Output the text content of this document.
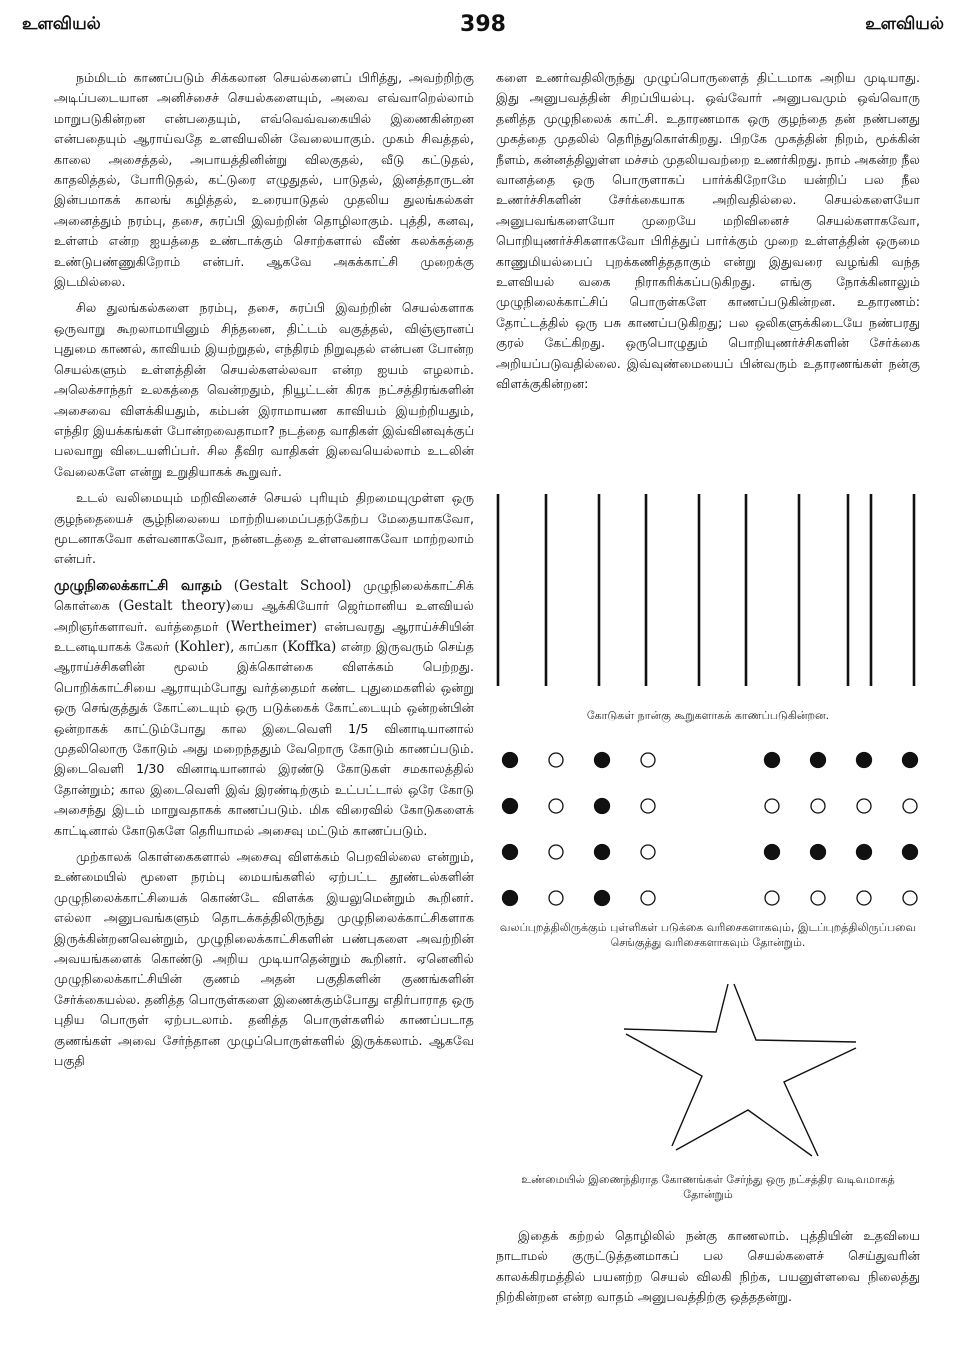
உளவியல்	398	உளவியல்

நம்மிடம் காணப்படும் சிக்கலான செயல்களைப் பிரித்து, அவற்றிற்கு அடிப்படையான அனிச்சைச் செயல்களையும், அவை எவ்வாறெல்லாம் மாறுபடுகின்றன என்பதையும், எவ்வெவ்வகையில் இணைகின்றன என்பதையும் ஆராய்வதே உளவியலின் வேலையாகும். முகம் சிவத்தல், காலை அசைத்தல், அபாயத்தினின்று விலகுதல், வீடு கட்டுதல், காதலித்தல், போரிடுதல், கட்டுரை எழுதுதல், பாடுதல், இனத்தாருடன் இன்பமாகக் காலங் கழித்தல், உரையாடுதல் முதலிய துலங்கல்கள் அனைத்தும் நரம்பு, தசை, சுரப்பி இவற்றின் தொழிலாகும். புத்தி, கனவு, உள்ளம் என்ற ஐயத்தை உண்டாக்கும் சொற்களால் வீண் கலக்கத்தை உண்டுபண்ணுகிறோம் என்பர். ஆகவே அகக்காட்சி முறைக்கு இடமில்லை.

சில துலங்கல்களை நரம்பு, தசை, சுரப்பி இவற்றின் செயல்களாக ஒருவாறு கூறலாமாயினும் சிந்தனை, திட்டம் வகுத்தல், விஞ்ஞானப் புதுமை காணல், காவியம் இயற்றுதல், எந்திரம் நிறுவுதல் என்பன போன்ற செயல்களும் உள்ளத்தின் செயல்களல்லவா என்ற ஐயம் எழலாம். அலெக்சாந்தர் உலகத்தை வென்றதும், நியூட்டன் கிரக நட்சத்திரங்களின் அசைவை விளக்கியதும், கம்பன் இராமாயண காவியம் இயற்றியதும், எந்திர இயக்கங்கள் போன்றவைதாமா? நடத்தை வாதிகள் இவ்வினவுக்குப் பலவாறு விடையளிப்பர். சில தீவிர வாதிகள் இவையெல்லாம் உடலின் வேலைகளே என்று உறுதியாகக் கூறுவர்.

உடல் வலிமையும் மறிவினைச் செயல் புரியும் திறமையுமுள்ள ஒரு குழந்தையைச் சூழ்நிலையை மாற்றியமைப்பதற்கேற்ப மேதையாகவோ, மூடனாகவோ கள்வனாகவோ, நன்னடத்தை உள்ளவனாகவோ மாற்றலாம் என்பர்.

முழுநிலைக்காட்சி வாதம் (Gestalt School) முழுநிலைக்காட்சிக் கொள்கை (Gestalt theory)யை ஆக்கியோர் ஜெர்மானிய உளவியல் அறிஞர்களாவர். வர்த்தைமர் (Wertheimer) என்பவரது ஆராய்ச்சியின் உடனடியாகக் கேலர் (Kohler), காப்கா (Koffka) என்ற இருவரும் செய்த ஆராய்ச்சிகளின் மூலம் இக்கொள்கை விளக்கம் பெற்றது. பொறிக்காட்சியை ஆராயும்போது வர்த்தைமர் கண்ட புதுமைகளில் ஒன்று ஒரு செங்குத்துக் கோட்டையும் ஒரு படுக்கைக் கோட்டையும் ஒன்றன்பின் ஒன்றாகக் காட்டும்போது கால இடைவெளி 1/5 வினாடியானால் முதலிலொரு கோடும் அது மறைந்ததும் வேறொரு கோடும் காணப்படும். இடைவெளி 1/30 வினாடியானால் இரண்டு கோடுகள் சமகாலத்தில் தோன்றும்; கால இடைவெளி இவ் இரண்டிற்கும் உட்பட்டால் ஒரே கோடு அசைந்து இடம் மாறுவதாகக் காணப்படும். மிக விரைவில் கோடுகளைக் காட்டினால் கோடுகளே தெரியாமல் அசைவு மட்டும் காணப்படும்.

முற்காலக் கொள்கைகளால் அசைவு விளக்கம் பெறவில்லை என்றும், உண்மையில் மூளை நரம்பு மையங்களில் ஏற்பட்ட தூண்டல்களின் முழுநிலைக்காட்சியைக் கொண்டே விளக்க இயலுமென்றும் கூறினர். எல்லா அனுபவங்களும் தொடக்கத்திலிருந்து முழுநிலைக்காட்சிகளாக இருக்கின்றனவென்றும், முழுநிலைக்காட்சிகளின் பண்புகளை அவற்றின் அவயங்களைக் கொண்டு அறிய முடியாதென்றும் கூறினர். ஏனெனில் முழுநிலைக்காட்சியின் குணம் அதன் பகுதிகளின் குணங்களின் சேர்க்கையல்ல. தனித்த பொருள்களை இணைக்கும்போது எதிர்பாராத ஒரு புதிய பொருள் ஏற்படலாம். தனித்த பொருள்களில் காணப்படாத குணங்கள் அவை சேர்ந்தான முழுப்பொருள்களில் இருக்கலாம். ஆகவே பகுதி

களை உணர்வதிலிருந்து முழுப்பொருளைத் திட்டமாக அறிய முடியாது. இது அனுபவத்தின் சிறப்பியல்பு. ஒவ்வோர் அனுபவமும் ஒவ்வொரு தனித்த முழுநிலைக் காட்சி. உதாரணமாக ஒரு குழந்தை தன் நண்பனது முகத்தை முதலில் தெரிந்துகொள்கிறது. பிறகே முகத்தின் நிறம், மூக்கின் நீளம், கன்னத்திலுள்ள மச்சம் முதலியவற்றை உணர்கிறது. நாம் அகன்ற நீல வானத்தை ஒரு பொருளாகப் பார்க்கிறோமே யன்றிப் பல நீல உணர்ச்சிகளின் சேர்க்கையாக அறிவதில்லை. செயல்களையோ அனுபவங்களையோ முறையே மறிவினைச் செயல்களாகவோ, பொறியுணர்ச்சிகளாகவோ பிரித்துப் பார்க்கும் முறை உள்ளத்தின் ஒருமை காணுமியல்பைப் புறக்கணித்ததாகும் என்று இதுவரை வழங்கி வந்த உளவியல் வகை நிராகரிக்கப்படுகிறது. எங்கு நோக்கினாலும் முழுநிலைக்காட்சிப் பொருள்களே காணப்படுகின்றன. உதாரணம்: தோட்டத்தில் ஒரு பசு காணப்படுகிறது; பல ஒலிகளுக்கிடையே நண்பரது குரல் கேட்கிறது. ஒருபொழுதும் பொறியுணர்ச்சிகளின் சேர்க்கை அறியப்படுவதில்லை. இவ்வுண்மையைப் பின்வரும் உதாரணங்கள் நன்கு விளக்குகின்றன:

கோடுகள் நான்கு கூறுகளாகக் காணப்படுகின்றன.
வலப்புறத்திலிருக்கும் புள்ளிகள் படுக்கை வரிசைகளாகவும், இடப்புறத்திலிருப்பவை செங்குத்து வரிசைகளாகவும் தோன்றும்.
உண்மையில் இணைந்திராத கோணங்கள் சேர்ந்து ஒரு நட்சத்திர வடிவமாகத் தோன்றும்

இதைக் கற்றல் தொழிலில் நன்கு காணலாம். புத்தியின் உதவியை நாடாமல் குருட்டுத்தனமாகப் பல செயல்களைச் செய்துவரின் காலக்கிரமத்தில் பயனற்ற செயல் விலகி நிற்க, பயனுள்ளவை நிலைத்து நிற்கின்றன என்ற வாதம் அனுபவத்திற்கு ஒத்ததன்று.
